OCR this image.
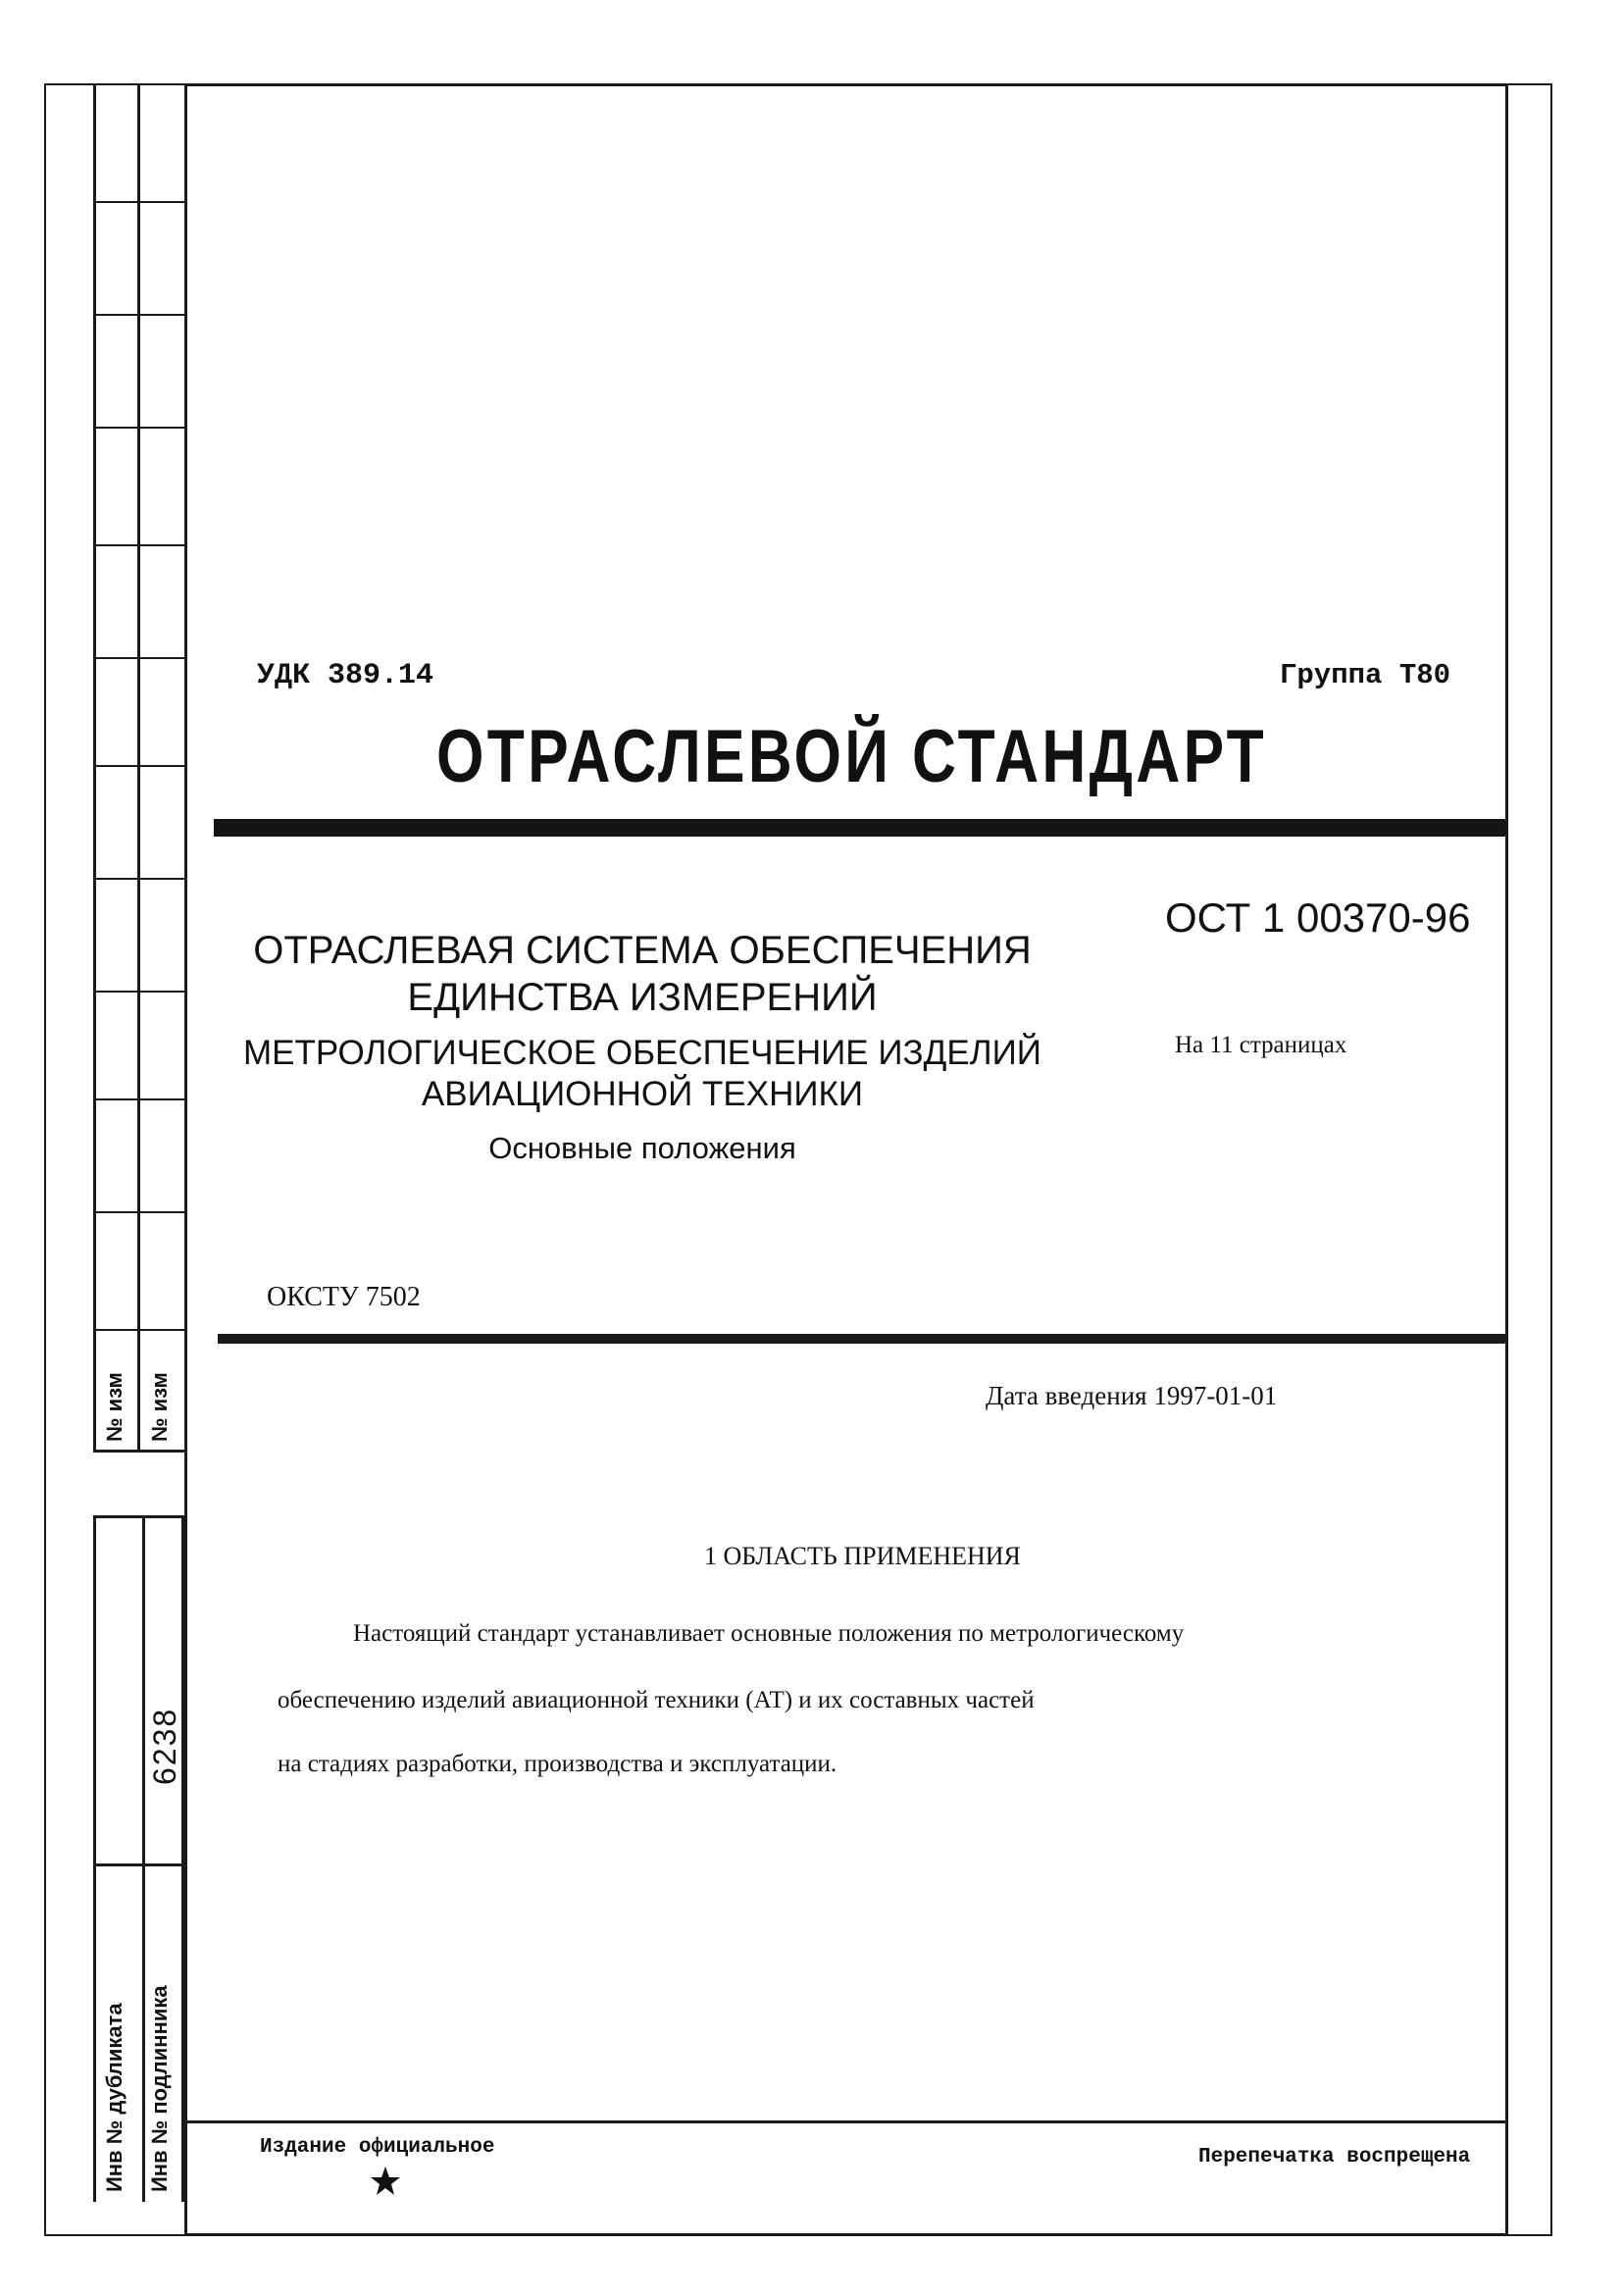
№ изм № изм
Инв № дубликата Инв № подлинника
6238
УДК 389.14	Группа Т80
ОТРАСЛЕВОЙ СТАНДАРТ
ОСТ 1 00370-96
На 11 страницах
ОТРАСЛЕВАЯ СИСТЕМА ОБЕСПЕЧЕНИЯ
ЕДИНСТВА ИЗМЕРЕНИЙ
МЕТРОЛОГИЧЕСКОЕ ОБЕСПЕЧЕНИЕ ИЗДЕЛИЙ
АВИАЦИОННОЙ ТЕХНИКИ
Основные положения
ОКСТУ 7502
Дата введения 1997-01-01
1 ОБЛАСТЬ ПРИМЕНЕНИЯ
Настоящий стандарт устанавливает основные положения по метрологическому
обеспечению изделий авиационной техники (АТ) и их составных частей
на стадиях разработки, производства и эксплуатации.
Издание официальное	Перепечатка воспрещена
